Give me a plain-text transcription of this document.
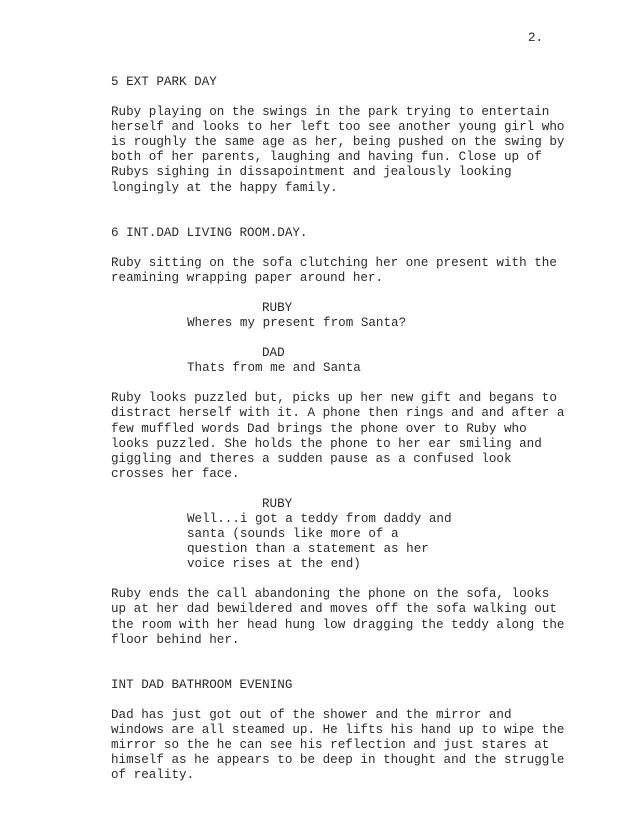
2.
5 EXT PARK DAY
Ruby playing on the swings in the park trying to entertain
herself and looks to her left too see another young girl who
is roughly the same age as her, being pushed on the swing by
both of her parents, laughing and having fun. Close up of
Rubys sighing in dissapointment and jealously looking
longingly at the happy family.
6 INT.DAD LIVING ROOM.DAY.
Ruby sitting on the sofa clutching her one present with the
reamining wrapping paper around her.
RUBY
Wheres my present from Santa?
DAD
Thats from me and Santa
Ruby looks puzzled but, picks up her new gift and begans to
distract herself with it. A phone then rings and and after a
few muffled words Dad brings the phone over to Ruby who
looks puzzled. She holds the phone to her ear smiling and
giggling and theres a sudden pause as a confused look
crosses her face.
RUBY
Well...i got a teddy from daddy and
santa (sounds like more of a
question than a statement as her
voice rises at the end)
Ruby ends the call abandoning the phone on the sofa, looks
up at her dad bewildered and moves off the sofa walking out
the room with her head hung low dragging the teddy along the
floor behind her.
INT DAD BATHROOM EVENING
Dad has just got out of the shower and the mirror and
windows are all steamed up. He lifts his hand up to wipe the
mirror so the he can see his reflection and just stares at
himself as he appears to be deep in thought and the struggle
of reality.
